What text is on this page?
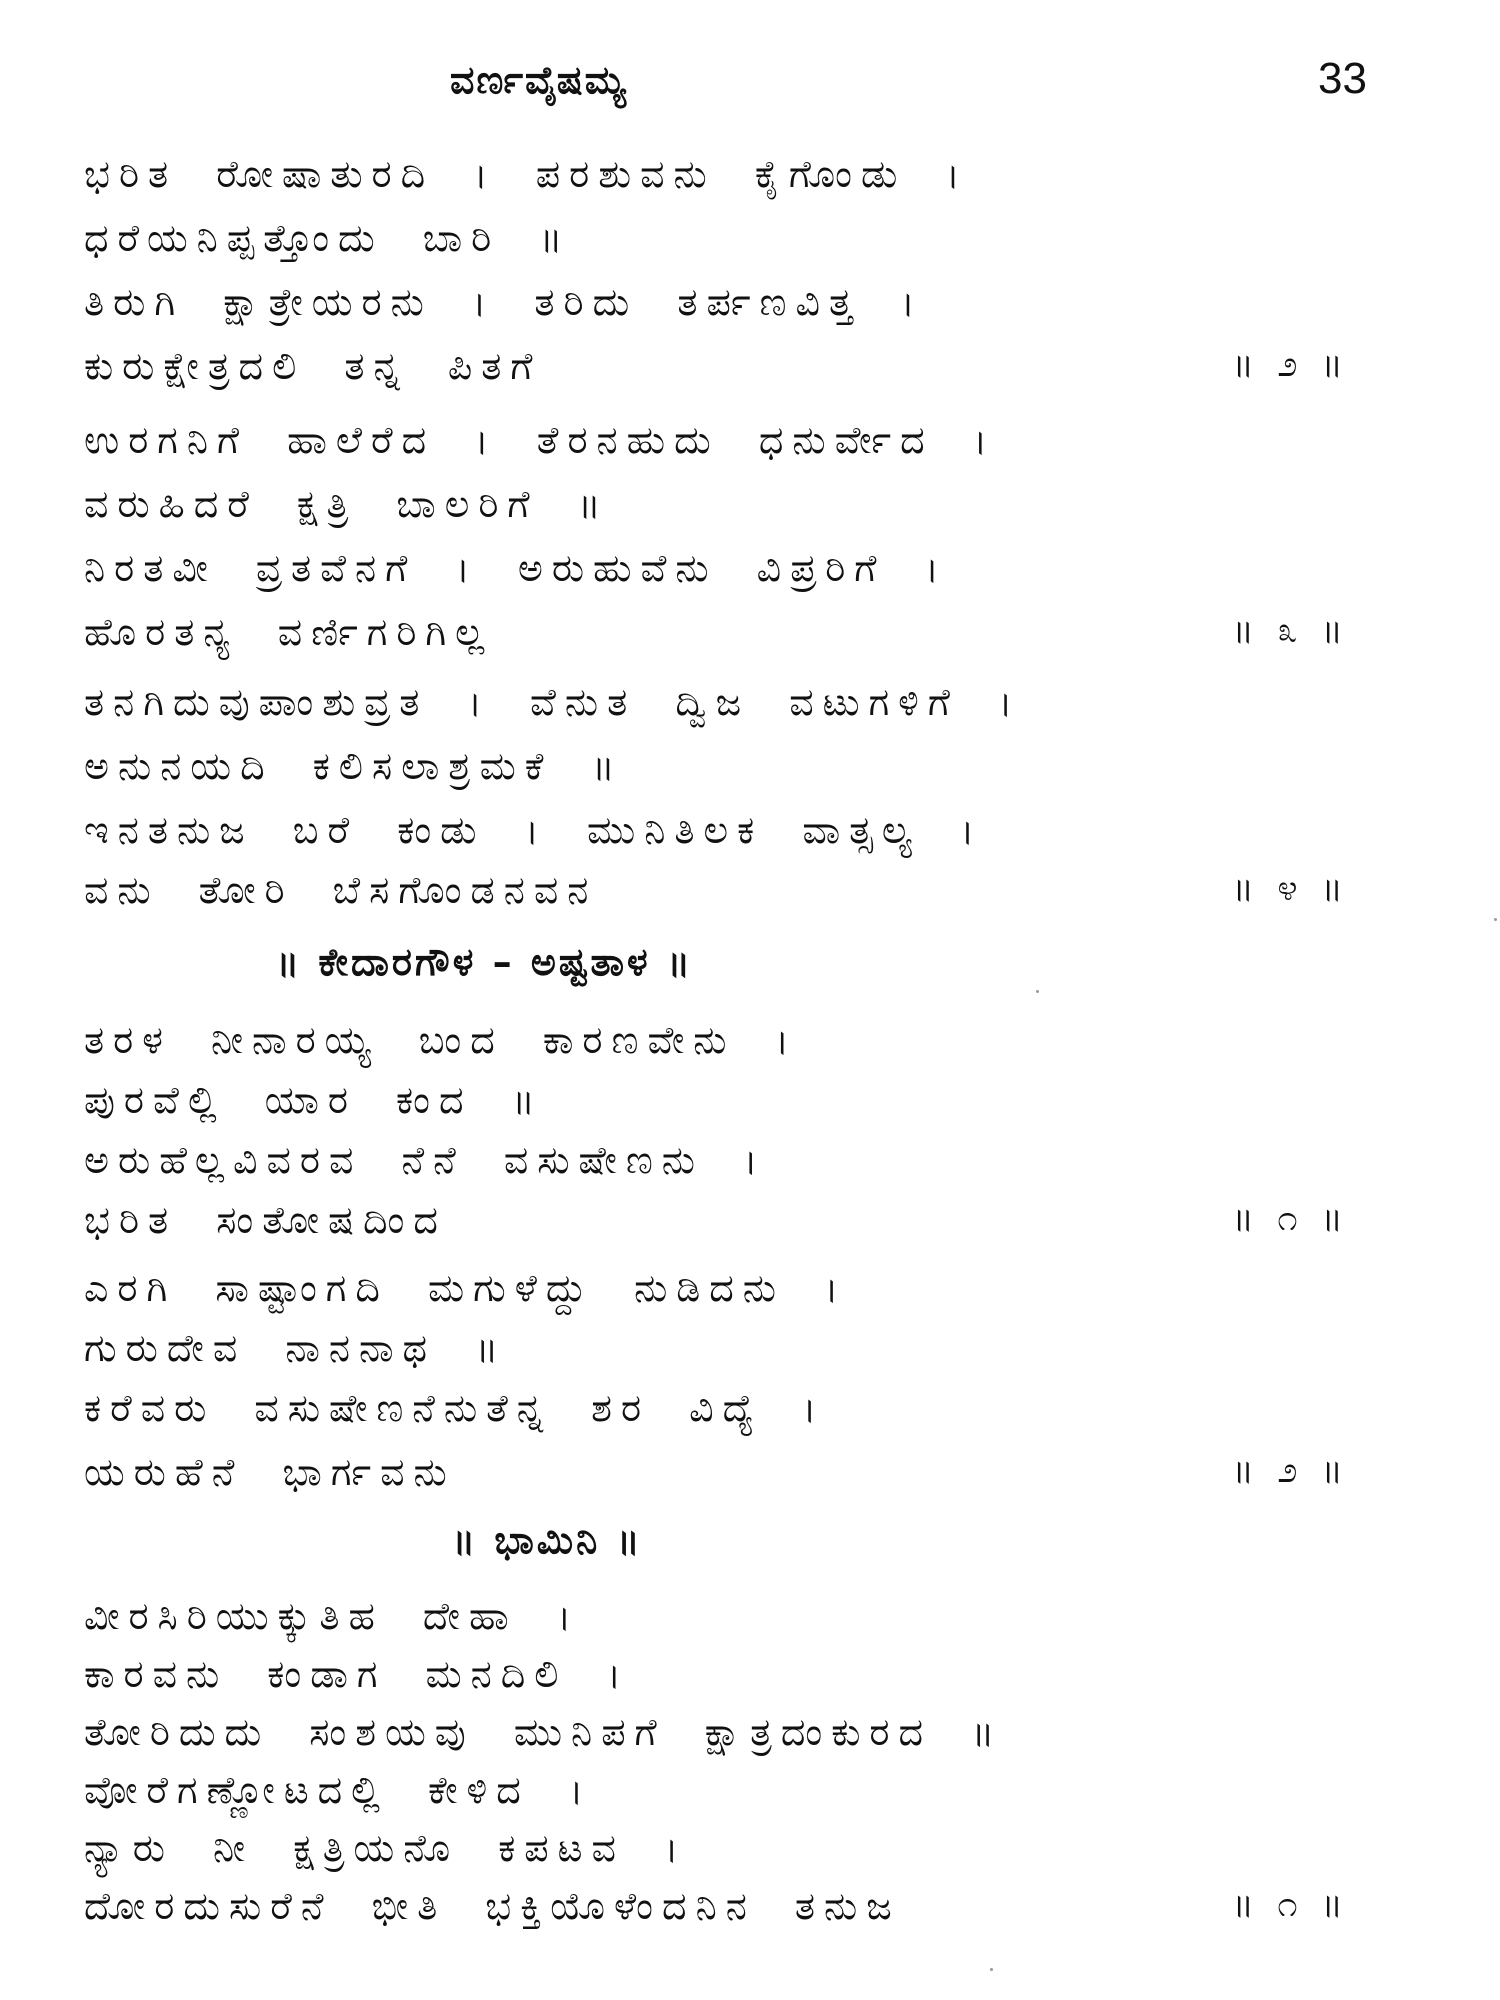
ವರ್ಣವೈಷಮ್ಯ	33
ಭರಿತ ರೋಷಾತುರದಿ । ಪರಶುವನು ಕೈಗೊಂಡು ।
ಧರೆಯನಿಪ್ಪತ್ತೊಂದು ಬಾರಿ ॥
ತಿರುಗಿ ಕ್ಷಾತ್ರೇಯರನು । ತರಿದು ತರ್ಪಣವಿತ್ತ ।
ಕುರುಕ್ಷೇತ್ರದಲಿ ತನ್ನ ಪಿತಗೆ	॥ ೨ ॥
ಉರಗನಿಗೆ ಹಾಲೆರೆದ । ತೆರನಹುದು ಧನುರ್ವೇದ ।
ವರುಹಿದರೆ ಕ್ಷತ್ರಿ ಬಾಲರಿಗೆ ॥
ನಿರತವೀ ವ್ರತವೆನಗೆ । ಅರುಹುವೆನು ವಿಪ್ರರಿಗೆ ।
ಹೊರತನ್ಯ ವರ್ಣಿಗರಿಗಿಲ್ಲ	॥ ೩ ॥
ತನಗಿದುವುಪಾಂಶುವ್ರತ । ವೆನುತ ದ್ವಿಜ ವಟುಗಳಿಗೆ ।
ಅನುನಯದಿ ಕಲಿಸಲಾಶ್ರಮಕೆ ॥
ಇನತನುಜ ಬರೆ ಕಂಡು । ಮುನಿತಿಲಕ ವಾತ್ಸಲ್ಯ ।
ವನು ತೋರಿ ಬೆಸಗೊಂಡನವನ	॥ ೪ ॥
॥ ಕೇದಾರಗೌಳ – ಅಷ್ಟತಾಳ ॥
ತರಳ ನೀನಾರಯ್ಯ ಬಂದ ಕಾರಣವೇನು ।
ಪುರವೆಲ್ಲಿ ಯಾರ ಕಂದ ॥
ಅರುಹೆಲ್ಲವಿವರವ ನೆನೆ ವಸುಷೇಣನು ।
ಭರಿತ ಸಂತೋಷದಿಂದ	॥ ೧ ॥
ಎರಗಿ ಸಾಷ್ಟಾಂಗದಿ ಮಗುಳೆದ್ದು ನುಡಿದನು ।
ಗುರುದೇವ ನಾನನಾಥ ॥
ಕರೆವರು ವಸುಷೇಣನೆನುತೆನ್ನ ಶರ ವಿದ್ಯೆ ।
ಯರುಹೆನೆ ಭಾರ್ಗವನು	॥ ೨ ॥
॥ ಭಾಮಿನಿ ॥
ವೀರಸಿರಿಯುಕ್ಕುತಿಹ ದೇಹಾ ।
ಕಾರವನು ಕಂಡಾಗ ಮನದಿಲಿ ।
ತೋರಿದುದು ಸಂಶಯವು ಮುನಿಪಗೆ ಕ್ಷಾತ್ರದಂಕುರದ ॥
ವೋರೆಗಣ್ಣೋಟದಲ್ಲಿ ಕೇಳಿದ ।
ನ್ಯಾರು ನೀ ಕ್ಷತ್ರಿಯನೊ ಕಪಟವ ।
ದೋರದುಸುರೆನೆ ಭೀತಿ ಭಕ್ತಿಯೊಳೆಂದನಿನ ತನುಜ	॥ ೧ ॥
